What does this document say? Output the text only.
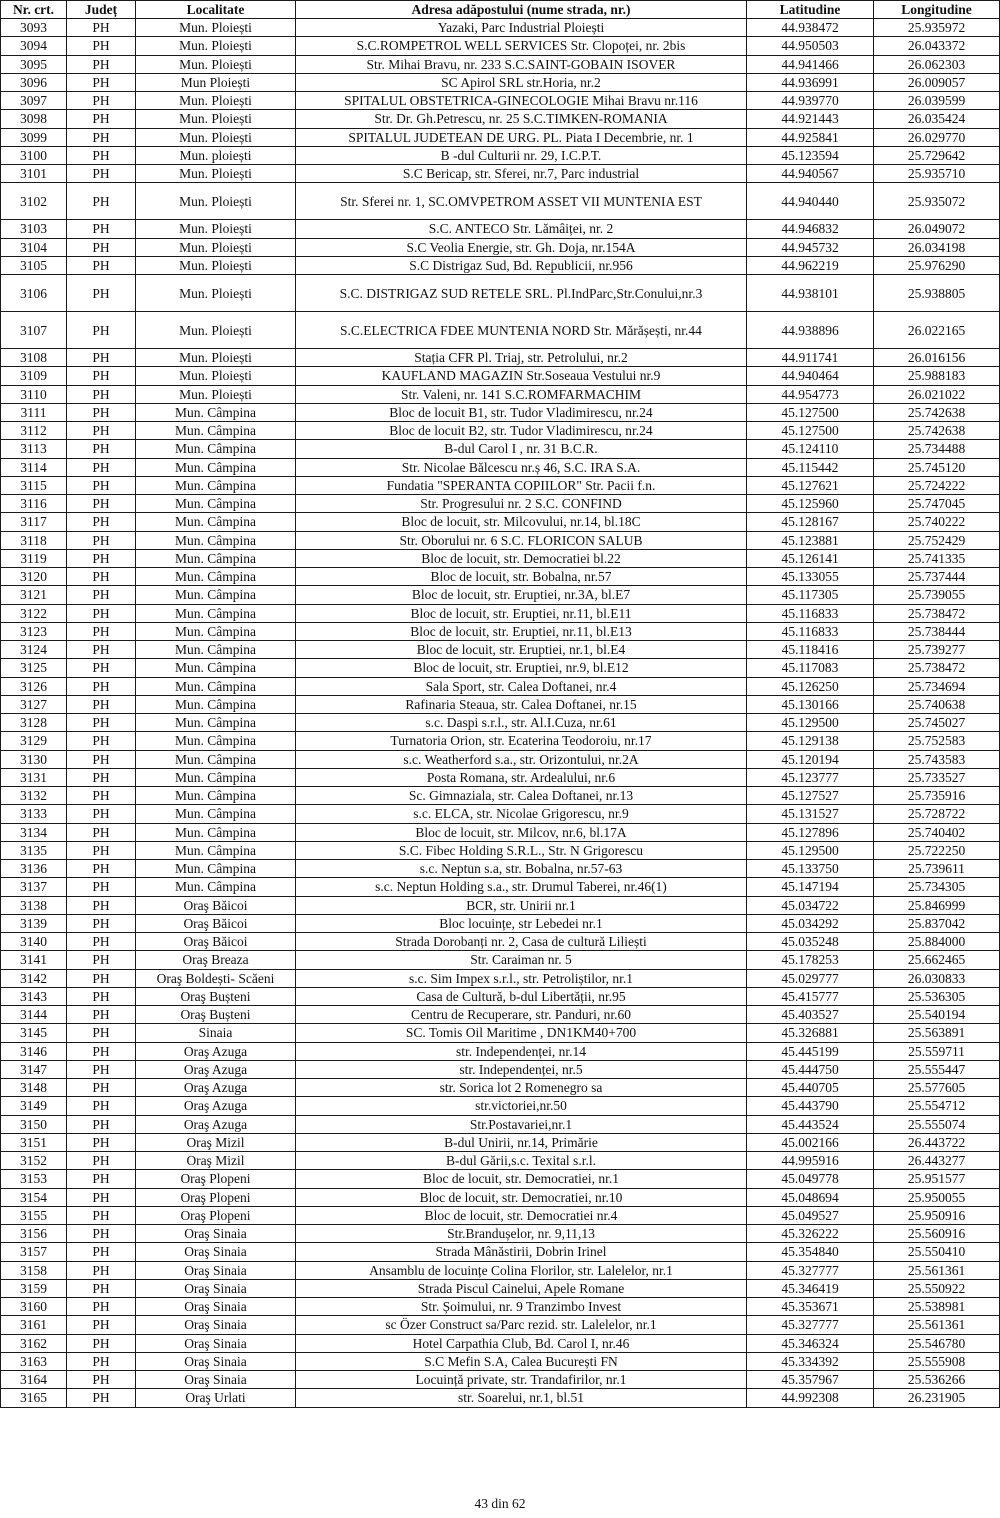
Nr. crt.	Județ	Localitate	Adresa adăpostului (nume strada, nr.)	Latitudine	Longitudine
3093	PH	Mun. Ploiești	Yazaki, Parc Industrial Ploiești	44.938472	25.935972
3094	PH	Mun. Ploiești	S.C.ROMPETROL WELL SERVICES Str. Clopoței, nr. 2bis	44.950503	26.043372
3095	PH	Mun. Ploiești	Str. Mihai Bravu, nr. 233 S.C.SAINT-GOBAIN ISOVER	44.941466	26.062303
3096	PH	Mun Ploiești	SC Apirol SRL str.Horia, nr.2	44.936991	26.009057
3097	PH	Mun. Ploiești	SPITALUL OBSTETRICA-GINECOLOGIE Mihai Bravu nr.116	44.939770	26.039599
3098	PH	Mun. Ploiești	Str. Dr. Gh.Petrescu, nr. 25 S.C.TIMKEN-ROMANIA	44.921443	26.035424
3099	PH	Mun. Ploiești	SPITALUL JUDETEAN DE URG. PL. Piata I Decembrie, nr. 1	44.925841	26.029770
3100	PH	Mun. ploiești	B -dul Culturii nr. 29, I.C.P.T.	45.123594	25.729642
3101	PH	Mun. Ploiești	S.C Bericap, str. Sferei, nr.7, Parc industrial	44.940567	25.935710
3102	PH	Mun. Ploiești	Str. Sferei nr. 1, SC.OMVPETROM ASSET VII MUNTENIA EST	44.940440	25.935072
3103	PH	Mun. Ploiești	S.C. ANTECO Str. Lămâiței, nr. 2	44.946832	26.049072
3104	PH	Mun. Ploiești	S.C Veolia Energie, str. Gh. Doja, nr.154A	44.945732	26.034198
3105	PH	Mun. Ploiești	S.C Distrigaz Sud, Bd. Republicii, nr.956	44.962219	25.976290
3106	PH	Mun. Ploiești	S.C. DISTRIGAZ SUD RETELE SRL. Pl.IndParc,Str.Conului,nr.3	44.938101	25.938805
3107	PH	Mun. Ploiești	S.C.ELECTRICA FDEE MUNTENIA NORD Str. Mărășești, nr.44	44.938896	26.022165
3108	PH	Mun. Ploiești	Stația CFR Pl. Triaj, str. Petrolului, nr.2	44.911741	26.016156
3109	PH	Mun. Ploiești	KAUFLAND MAGAZIN Str.Soseaua Vestului nr.9	44.940464	25.988183
3110	PH	Mun. Ploiești	Str. Valeni, nr. 141 S.C.ROMFARMACHIM	44.954773	26.021022
3111	PH	Mun. Câmpina	Bloc de locuit B1, str. Tudor Vladimirescu, nr.24	45.127500	25.742638
3112	PH	Mun. Câmpina	Bloc de locuit B2, str. Tudor Vladimirescu, nr.24	45.127500	25.742638
3113	PH	Mun. Câmpina	B-dul Carol I , nr. 31 B.C.R.	45.124110	25.734488
3114	PH	Mun. Câmpina	Str. Nicolae Bălcescu nr.ș 46, S.C. IRA S.A.	45.115442	25.745120
3115	PH	Mun. Câmpina	Fundatia "SPERANTA COPIILOR" Str. Pacii f.n.	45.127621	25.724222
3116	PH	Mun. Câmpina	Str. Progresului nr. 2 S.C. CONFIND	45.125960	25.747045
3117	PH	Mun. Câmpina	Bloc de locuit, str. Milcovului, nr.14, bl.18C	45.128167	25.740222
3118	PH	Mun. Câmpina	Str. Oborului nr. 6 S.C. FLORICON SALUB	45.123881	25.752429
3119	PH	Mun. Câmpina	Bloc de locuit, str. Democratiei bl.22	45.126141	25.741335
3120	PH	Mun. Câmpina	Bloc de locuit, str. Bobalna, nr.57	45.133055	25.737444
3121	PH	Mun. Câmpina	Bloc de locuit, str. Eruptiei, nr.3A, bl.E7	45.117305	25.739055
3122	PH	Mun. Câmpina	Bloc de locuit, str. Eruptiei, nr.11, bl.E11	45.116833	25.738472
3123	PH	Mun. Câmpina	Bloc de locuit, str. Eruptiei, nr.11, bl.E13	45.116833	25.738444
3124	PH	Mun. Câmpina	Bloc de locuit, str. Eruptiei, nr.1, bl.E4	45.118416	25.739277
3125	PH	Mun. Câmpina	Bloc de locuit, str. Eruptiei, nr.9, bl.E12	45.117083	25.738472
3126	PH	Mun. Câmpina	Sala Sport, str. Calea Doftanei, nr.4	45.126250	25.734694
3127	PH	Mun. Câmpina	Rafinaria Steaua, str. Calea Doftanei, nr.15	45.130166	25.740638
3128	PH	Mun. Câmpina	s.c. Daspi s.r.l., str. Al.I.Cuza, nr.61	45.129500	25.745027
3129	PH	Mun. Câmpina	Turnatoria Orion, str. Ecaterina Teodoroiu, nr.17	45.129138	25.752583
3130	PH	Mun. Câmpina	s.c. Weatherford s.a., str. Orizontului, nr.2A	45.120194	25.743583
3131	PH	Mun. Câmpina	Posta Romana, str. Ardealului, nr.6	45.123777	25.733527
3132	PH	Mun. Câmpina	Sc. Gimnaziala, str. Calea Doftanei, nr.13	45.127527	25.735916
3133	PH	Mun. Câmpina	s.c. ELCA, str. Nicolae Grigorescu, nr.9	45.131527	25.728722
3134	PH	Mun. Câmpina	Bloc de locuit, str. Milcov, nr.6, bl.17A	45.127896	25.740402
3135	PH	Mun. Câmpina	S.C. Fibec Holding S.R.L., Str. N Grigorescu	45.129500	25.722250
3136	PH	Mun. Câmpina	s.c. Neptun s.a, str. Bobalna, nr.57-63	45.133750	25.739611
3137	PH	Mun. Câmpina	s.c. Neptun Holding s.a., str. Drumul Taberei, nr.46(1)	45.147194	25.734305
3138	PH	Oraş Băicoi	BCR, str. Unirii nr.1	45.034722	25.846999
3139	PH	Oraş Băicoi	Bloc locuințe, str Lebedei nr.1	45.034292	25.837042
3140	PH	Oraş Băicoi	Strada Dorobanți nr. 2, Casa de cultură Liliești	45.035248	25.884000
3141	PH	Oraş Breaza	Str. Caraiman nr. 5	45.178253	25.662465
3142	PH	Oraş Boldești- Scăeni	s.c. Sim Impex s.r.l., str. Petroliștilor, nr.1	45.029777	26.030833
3143	PH	Oraş Bușteni	Casa de Cultură, b-dul Libertății, nr.95	45.415777	25.536305
3144	PH	Oraş Bușteni	Centru de Recuperare, str. Panduri, nr.60	45.403527	25.540194
3145	PH	Sinaia	SC. Tomis Oil Maritime , DN1KM40+700	45.326881	25.563891
3146	PH	Oraş Azuga	str. Independenței, nr.14	45.445199	25.559711
3147	PH	Oraş Azuga	str. Independenței, nr.5	45.444750	25.555447
3148	PH	Oraş Azuga	str. Sorica lot 2 Romenegro sa	45.440705	25.577605
3149	PH	Oraş Azuga	str.victoriei,nr.50	45.443790	25.554712
3150	PH	Oraş Azuga	Str.Postavariei,nr.1	45.443524	25.555074
3151	PH	Oraş Mizil	B-dul Unirii, nr.14, Primărie	45.002166	26.443722
3152	PH	Oraş Mizil	B-dul Gării,s.c. Texital s.r.l.	44.995916	26.443277
3153	PH	Oraş Plopeni	Bloc de locuit, str. Democratiei, nr.1	45.049778	25.951577
3154	PH	Oraş Plopeni	Bloc de locuit, str. Democratiei, nr.10	45.048694	25.950055
3155	PH	Oraş Plopeni	Bloc de locuit, str. Democratiei nr.4	45.049527	25.950916
3156	PH	Oraş Sinaia	Str.Brandușelor, nr. 9,11,13	45.326222	25.560916
3157	PH	Oraş Sinaia	Strada Mânăstirii, Dobrin Irinel	45.354840	25.550410
3158	PH	Oraş Sinaia	Ansamblu de locuințe Colina Florilor, str. Lalelelor, nr.1	45.327777	25.561361
3159	PH	Oraş Sinaia	Strada Piscul Cainelui, Apele Romane	45.346419	25.550922
3160	PH	Oraş Sinaia	Str. Șoimului, nr. 9 Tranzimbo Invest	45.353671	25.538981
3161	PH	Oraş Sinaia	sc Özer Construct sa/Parc rezid. str. Lalelelor, nr.1	45.327777	25.561361
3162	PH	Oraş Sinaia	Hotel Carpathia Club, Bd. Carol I, nr.46	45.346324	25.546780
3163	PH	Oraş Sinaia	S.C Mefin S.A, Calea București FN	45.334392	25.555908
3164	PH	Oraş Sinaia	Locuință private, str. Trandafirilor, nr.1	45.357967	25.536266
3165	PH	Oraş Urlati	str. Soarelui, nr.1, bl.51	44.992308	26.231905
43 din 62
